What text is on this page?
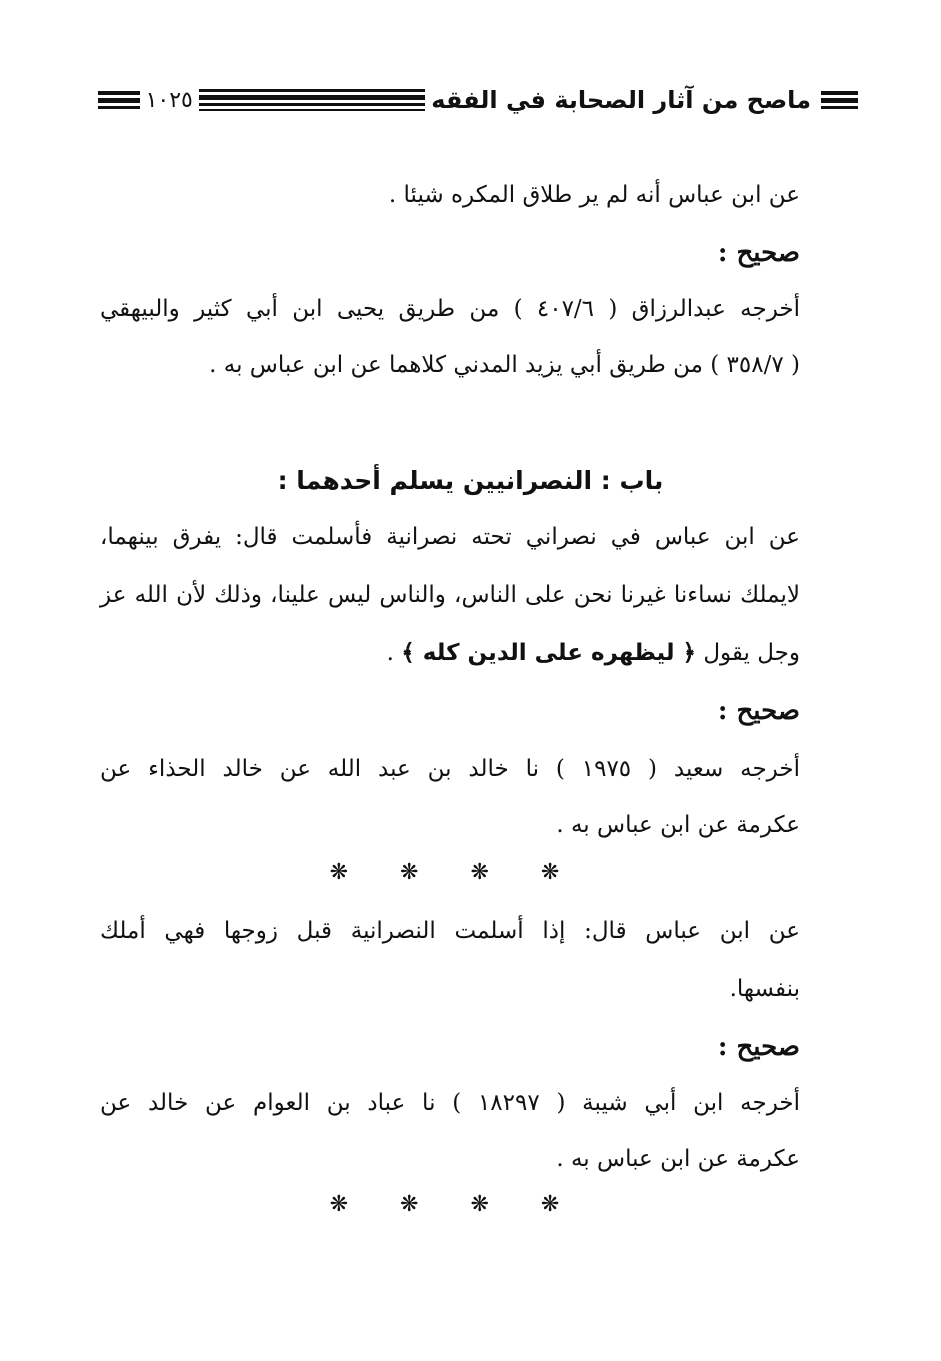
ماصح من آثار الصحابة في الفقه
١٠٢٥
عن ابن عباس أنه لم ير طلاق المكره شيئا .
صحيح :
أخرجه عبدالرزاق ( ٤٠٧/٦ ) من طريق يحيى ابن أبي كثير والبيهقي
( ٣٥٨/٧ ) من طريق أبي يزيد المدني كلاهما عن ابن عباس به .
باب : النصرانيين يسلم أحدهما :
عن ابن عباس في نصراني تحته نصرانية فأسلمت قال: يفرق بينهما،
لايملك نساءنا غيرنا نحن على الناس، والناس ليس علينا، وذلك لأن الله عز
وجل يقول ﴿ ليظهره على الدين كله ﴾ .
صحيح :
أخرجه سعيد ( ١٩٧٥ ) نا خالد بن عبد الله عن خالد الحذاء عن
عكرمة عن ابن عباس به .
❋❋❋❋
عن ابن عباس قال: إذا أسلمت النصرانية قبل زوجها فهي أملك
بنفسها.
صحيح :
أخرجه ابن أبي شيبة ( ١٨٢٩٧ ) نا عباد بن العوام عن خالد عن
عكرمة عن ابن عباس به .
❋❋❋❋
